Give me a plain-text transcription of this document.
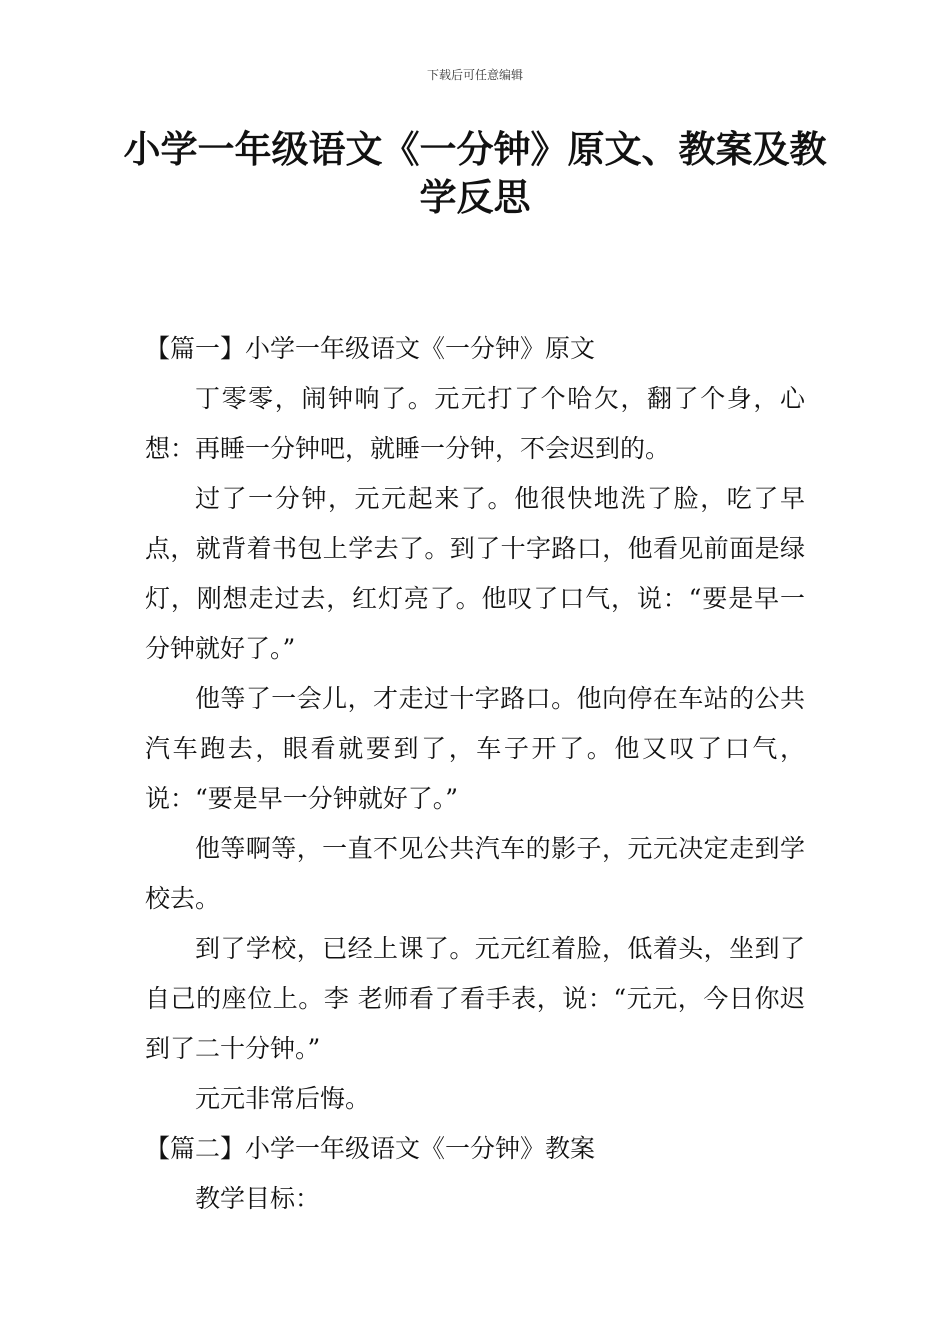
下载后可任意编辑
小学一年级语文《一分钟》原文、教案及教学反思

【篇一】小学一年级语文《一分钟》原文

丁零零，闹钟响了。元元打了个哈欠，翻了个身，心想：再睡一分钟吧，就睡一分钟，不会迟到的。

过了一分钟，元元起来了。他很快地洗了脸，吃了早点，就背着书包上学去了。到了十字路口，他看见前面是绿灯，刚想走过去，红灯亮了。他叹了口气，说：“要是早一分钟就好了。”

他等了一会儿，才走过十字路口。他向停在车站的公共汽车跑去，眼看就要到了，车子开了。他又叹了口气，说：“要是早一分钟就好了。”

他等啊等，一直不见公共汽车的影子，元元决定走到学校去。

到了学校，已经上课了。元元红着脸，低着头，坐到了自己的座位上。李 老师看了看手表，说：“元元，今日你迟到了二十分钟。”

元元非常后悔。

【篇二】小学一年级语文《一分钟》教案

教学目标：
